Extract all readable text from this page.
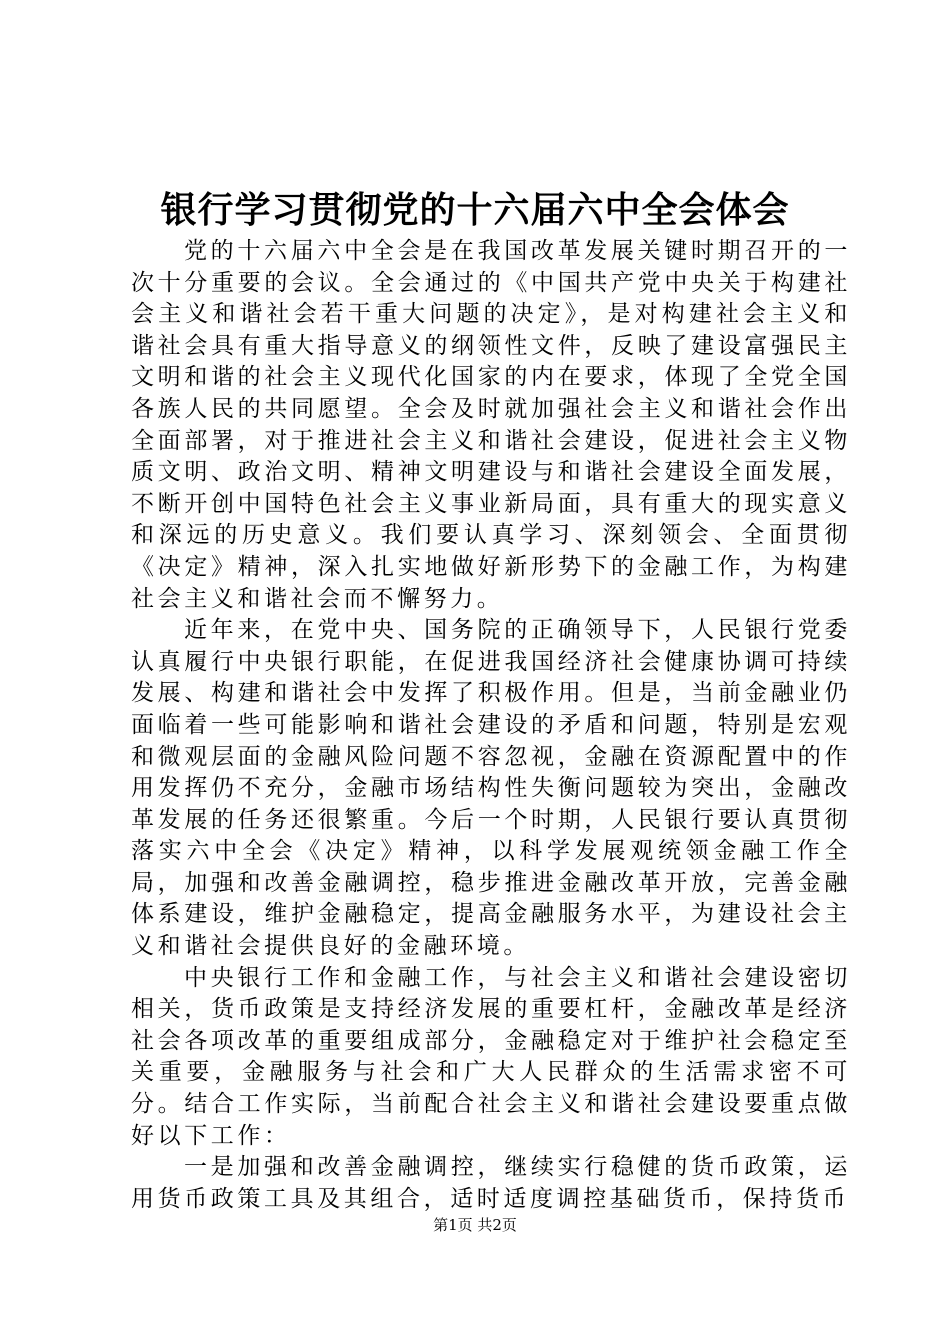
银行学习贯彻党的十六届六中全会体会

党的十六届六中全会是在我国改革发展关键时期召开的一次十分重要的会议。全会通过的《中国共产党中央关于构建社会主义和谐社会若干重大问题的决定》，是对构建社会主义和谐社会具有重大指导意义的纲领性文件，反映了建设富强民主文明和谐的社会主义现代化国家的内在要求，体现了全党全国各族人民的共同愿望。全会及时就加强社会主义和谐社会作出全面部署，对于推进社会主义和谐社会建设，促进社会主义物质文明、政治文明、精神文明建设与和谐社会建设全面发展，不断开创中国特色社会主义事业新局面，具有重大的现实意义和深远的历史意义。我们要认真学习、深刻领会、全面贯彻《决定》精神，深入扎实地做好新形势下的金融工作，为构建社会主义和谐社会而不懈努力。

近年来，在党中央、国务院的正确领导下，人民银行党委认真履行中央银行职能，在促进我国经济社会健康协调可持续发展、构建和谐社会中发挥了积极作用。但是，当前金融业仍面临着一些可能影响和谐社会建设的矛盾和问题，特别是宏观和微观层面的金融风险问题不容忽视，金融在资源配置中的作用发挥仍不充分，金融市场结构性失衡问题较为突出，金融改革发展的任务还很繁重。今后一个时期，人民银行要认真贯彻落实六中全会《决定》精神，以科学发展观统领金融工作全局，加强和改善金融调控，稳步推进金融改革开放，完善金融体系建设，维护金融稳定，提高金融服务水平，为建设社会主义和谐社会提供良好的金融环境。

中央银行工作和金融工作，与社会主义和谐社会建设密切相关，货币政策是支持经济发展的重要杠杆，金融改革是经济社会各项改革的重要组成部分，金融稳定对于维护社会稳定至关重要，金融服务与社会和广大人民群众的生活需求密不可分。结合工作实际，当前配合社会主义和谐社会建设要重点做好以下工作：

一是加强和改善金融调控，继续实行稳健的货币政策，运用货币政策工具及其组合，适时适度调控基础货币，保持货币

第1页 共2页
